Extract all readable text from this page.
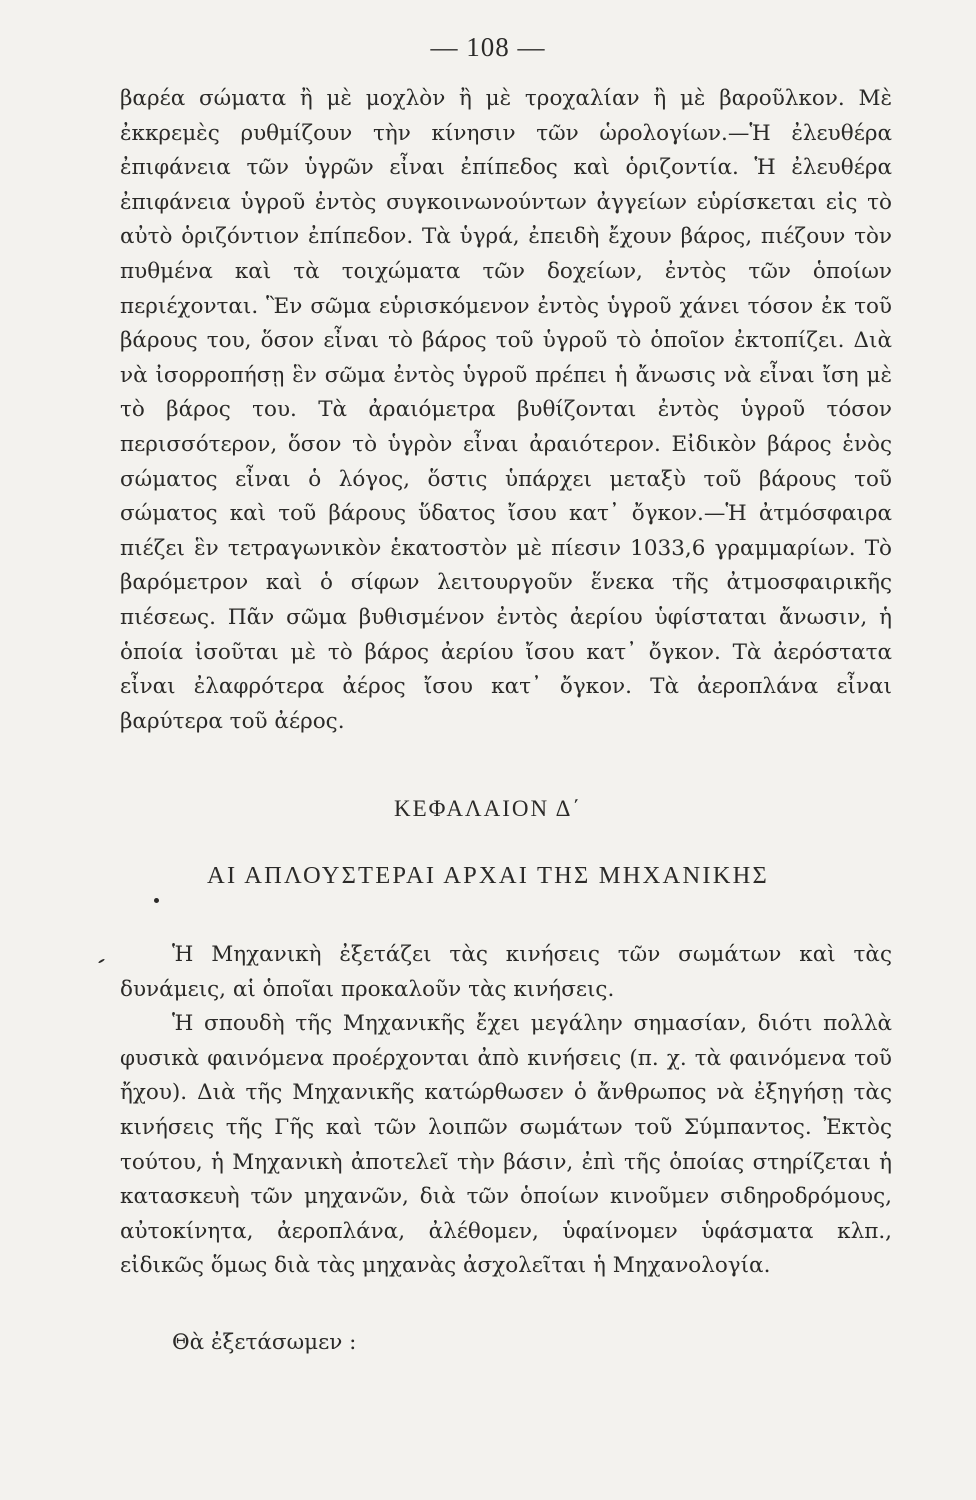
— 108 —

βαρέα σώματα ἢ μὲ μοχλὸν ἢ μὲ τροχαλίαν ἢ μὲ βαροῦλκον. Μὲ ἐκκρεμὲς ρυθμίζουν τὴν κίνησιν τῶν ὡρολογίων.—Ἡ ἐλευθέρα ἐπιφάνεια τῶν ὑγρῶν εἶναι ἐπίπεδος καὶ ὁριζοντία. Ἡ ἐλευθέρα ἐπιφάνεια ὑγροῦ ἐντὸς συγκοινωνούντων ἀγγείων εὑρίσκεται εἰς τὸ αὐτὸ ὁριζόντιον ἐπίπεδον. Τὰ ὑγρά, ἐπειδὴ ἔχουν βάρος, πιέζουν τὸν πυθμένα καὶ τὰ τοιχώματα τῶν δοχείων, ἐντὸς τῶν ὁποίων περιέχονται. Ἓν σῶμα εὑρισκόμενον ἐντὸς ὑγροῦ χάνει τόσον ἐκ τοῦ βάρους του, ὅσον εἶναι τὸ βάρος τοῦ ὑγροῦ τὸ ὁποῖον ἐκτοπίζει. Διὰ νὰ ἰσορροπήσῃ ἓν σῶμα ἐντὸς ὑγροῦ πρέπει ἡ ἄνωσις νὰ εἶναι ἴση μὲ τὸ βάρος του. Τὰ ἀραιόμετρα βυθίζονται ἐντὸς ὑγροῦ τόσον περισσότερον, ὅσον τὸ ὑγρὸν εἶναι ἀραιότερον. Εἰδικὸν βάρος ἑνὸς σώματος εἶναι ὁ λόγος, ὅστις ὑπάρχει μεταξὺ τοῦ βάρους τοῦ σώματος καὶ τοῦ βάρους ὕδατος ἴσου κατ᾽ ὄγκον.—Ἡ ἀτμόσφαιρα πιέζει ἓν τετραγωνικὸν ἑκατοστὸν μὲ πίεσιν 1033,6 γραμμαρίων. Τὸ βαρόμετρον καὶ ὁ σίφων λειτουργοῦν ἕνεκα τῆς ἀτμοσφαιρικῆς πιέσεως. Πᾶν σῶμα βυθισμένον ἐντὸς ἀερίου ὑφίσταται ἄνωσιν, ἡ ὁποία ἰσοῦται μὲ τὸ βάρος ἀερίου ἴσου κατ᾽ ὄγκον. Τὰ ἀερόστατα εἶναι ἐλαφρότερα ἀέρος ἴσου κατ᾽ ὄγκον. Τὰ ἀεροπλάνα εἶναι βαρύτερα τοῦ ἀέρος.

ΚΕΦΑΛΑΙΟΝ Δ΄
ΑΙ ΑΠΛΟΥΣΤΕΡΑΙ ΑΡΧΑΙ ΤΗΣ ΜΗΧΑΝΙΚΗΣ

Ἡ Μηχανικὴ ἐξετάζει τὰς κινήσεις τῶν σωμάτων καὶ τὰς δυνάμεις, αἱ ὁποῖαι προκαλοῦν τὰς κινήσεις.

Ἡ σπουδὴ τῆς Μηχανικῆς ἔχει μεγάλην σημασίαν, διότι πολλὰ φυσικὰ φαινόμενα προέρχονται ἀπὸ κινήσεις (π. χ. τὰ φαινόμενα τοῦ ἤχου). Διὰ τῆς Μηχανικῆς κατώρθωσεν ὁ ἄνθρωπος νὰ ἐξηγήσῃ τὰς κινήσεις τῆς Γῆς καὶ τῶν λοιπῶν σωμάτων τοῦ Σύμπαντος. Ἐκτὸς τούτου, ἡ Μηχανικὴ ἀποτελεῖ τὴν βάσιν, ἐπὶ τῆς ὁποίας στηρίζεται ἡ κατασκευὴ τῶν μηχανῶν, διὰ τῶν ὁποίων κινοῦμεν σιδηροδρόμους, αὐτοκίνητα, ἀεροπλάνα, ἀλέθομεν, ὑφαίνομεν ὑφάσματα κλπ., εἰδικῶς ὅμως διὰ τὰς μηχανὰς ἀσχολεῖται ἡ Μηχανολογία.

Θὰ ἐξετάσωμεν :
